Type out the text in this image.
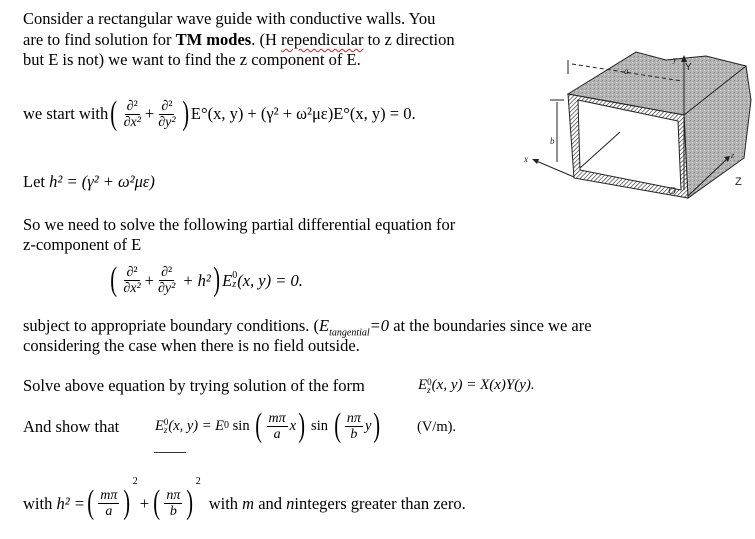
Consider a rectangular wave guide with conductive walls. You
are to find solution for TM modes. (H rependicular to z direction
but E is not) we want to find the z component of E.
we start with ( $\frac{\text{∂²}}{\text{∂x²}} + \frac{\text{∂²}}{\text{∂y²}}$ ) E°(x, y) + (γ² + ω²με)E°(x, y) = 0.
Let h² = (γ² + ω²με)
So we need to solve the following partial differential equation for
z-component of E
( $\frac{\text{∂²}}{\text{∂x²}} + \frac{\text{∂²}}{\text{∂y²}} + h^2$ ) E 0
z (x, y) = 0.
subject to appropriate boundary conditions. ($E_{tangential}=0$ at the boundaries since we are
considering the case when there is no field outside.
Solve above equation by trying solution of the form	E 0
z (x, y) = X(x)Y(y).
And show that E 0
z (x, y) = E 0 sin ( $\frac{m\pi}{a}$ x ) sin ( $\frac{n\pi}{b}$ y )	(V/m).
with h² = ( $\frac{m\pi}{a}$ )
2
+ ( $\frac{n\pi}{b}$ )
2
with m and n integers greater than zero.
a
b
x
y
Y
z
O
Z
